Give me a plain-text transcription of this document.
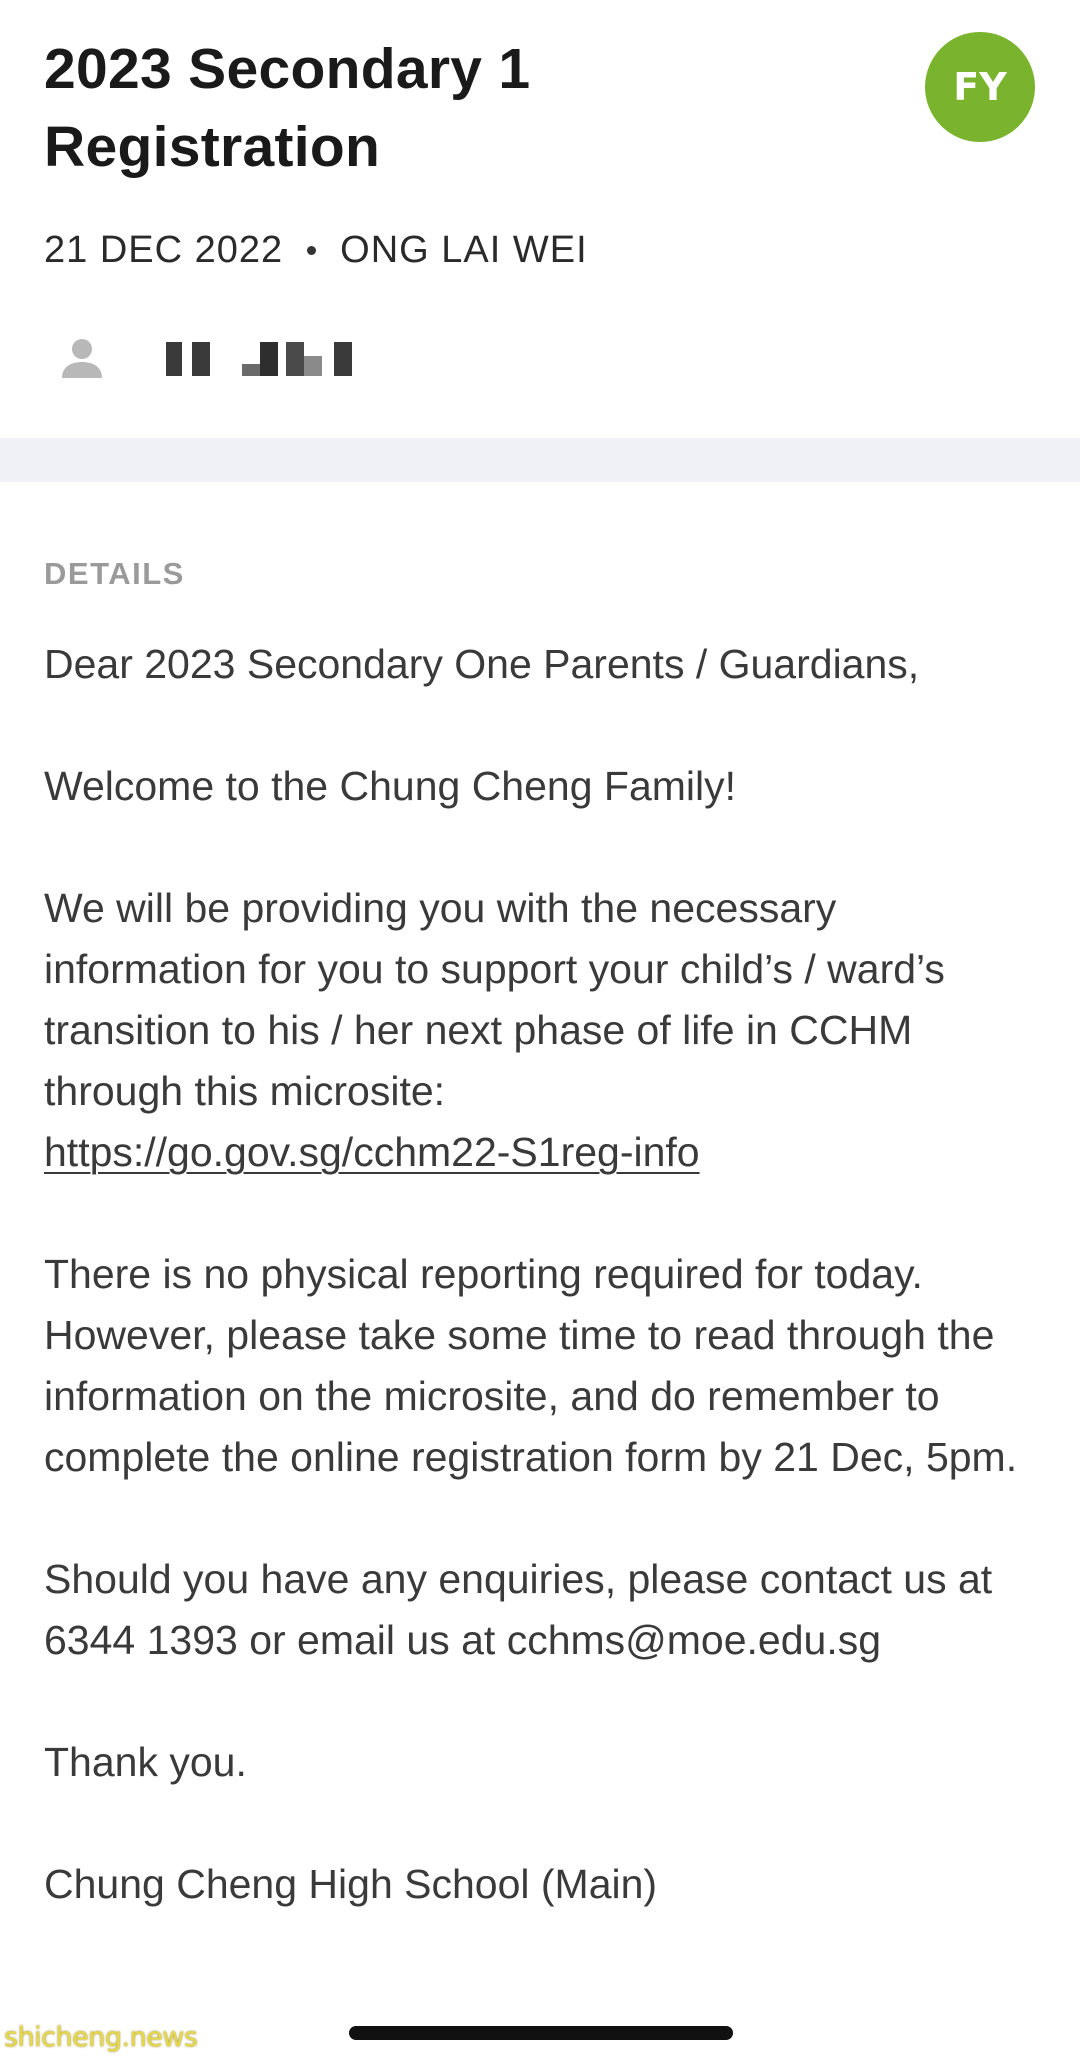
2023 Secondary 1 Registration
FY
21 DEC 2022 ONG LAI WEI
DETAILS

Dear 2023 Secondary One Parents / Guardians,

Welcome to the Chung Cheng Family!

We will be providing you with the necessary information for you to support your child’s / ward’s transition to his / her next phase of life in CCHM through this microsite:
https://go.gov.sg/cchm22-S1reg-info

There is no physical reporting required for today. However, please take some time to read through the information on the microsite, and do remember to complete the online registration form by 21 Dec, 5pm.

Should you have any enquiries, please contact us at 6344 1393 or email us at cchms@moe.edu.sg

Thank you.

Chung Cheng High School (Main)

shicheng.news
